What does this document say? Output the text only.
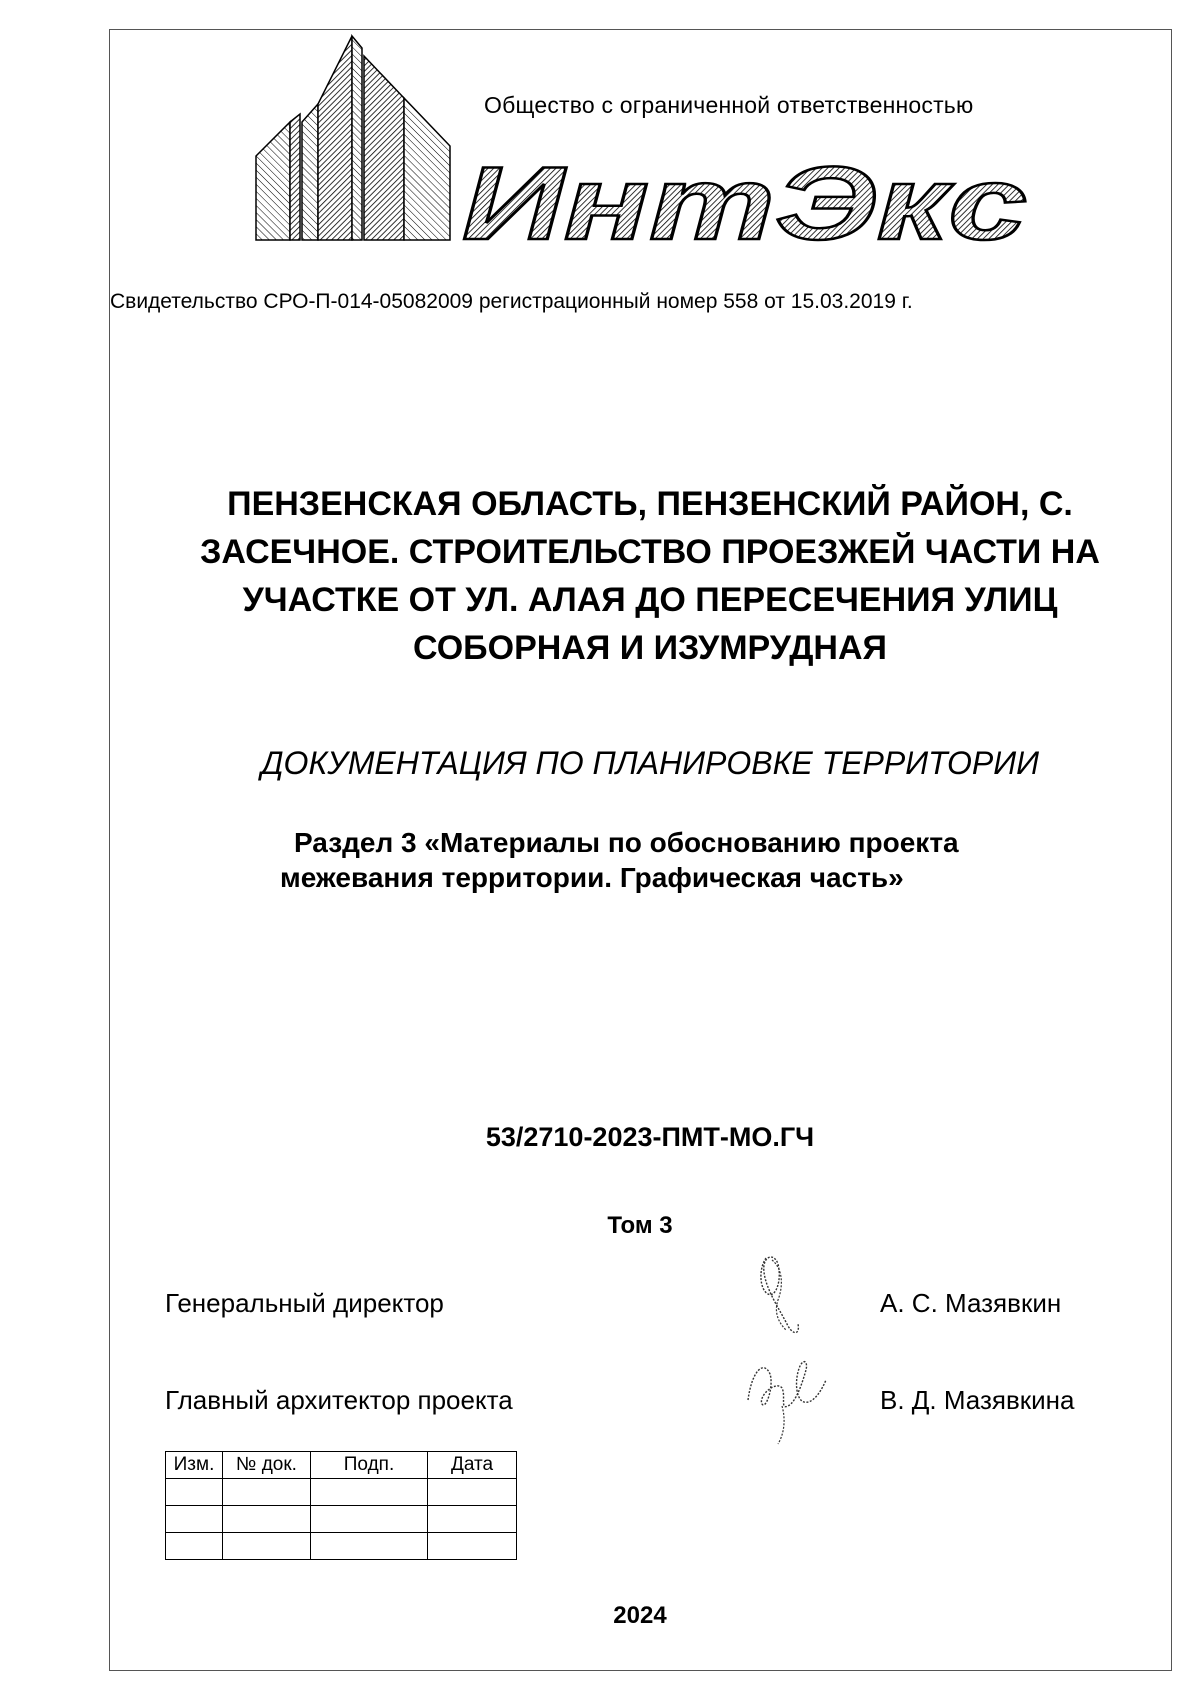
ИнтЭкс
Общество с ограниченной ответственностью
Свидетельство СРО-П-014-05082009 регистрационный номер 558 от 15.03.2019 г.
ПЕНЗЕНСКАЯ ОБЛАСТЬ, ПЕНЗЕНСКИЙ РАЙОН, С.
ЗАСЕЧНОЕ. СТРОИТЕЛЬСТВО ПРОЕЗЖЕЙ ЧАСТИ НА
УЧАСТКЕ ОТ УЛ. АЛАЯ ДО ПЕРЕСЕЧЕНИЯ УЛИЦ
СОБОРНАЯ И ИЗУМРУДНАЯ
ДОКУМЕНТАЦИЯ ПО ПЛАНИРОВКЕ ТЕРРИТОРИИ
Раздел 3 «Материалы по обоснованию проекта
межевания территории. Графическая часть»
53/2710-2023-ПМТ-МО.ГЧ
Том 3
Генеральный директор	А. С. Мазявкин
Главный архитектор проекта	В. Д. Мазявкина
Изм.	№ док.	Подп.	Дата

2024
